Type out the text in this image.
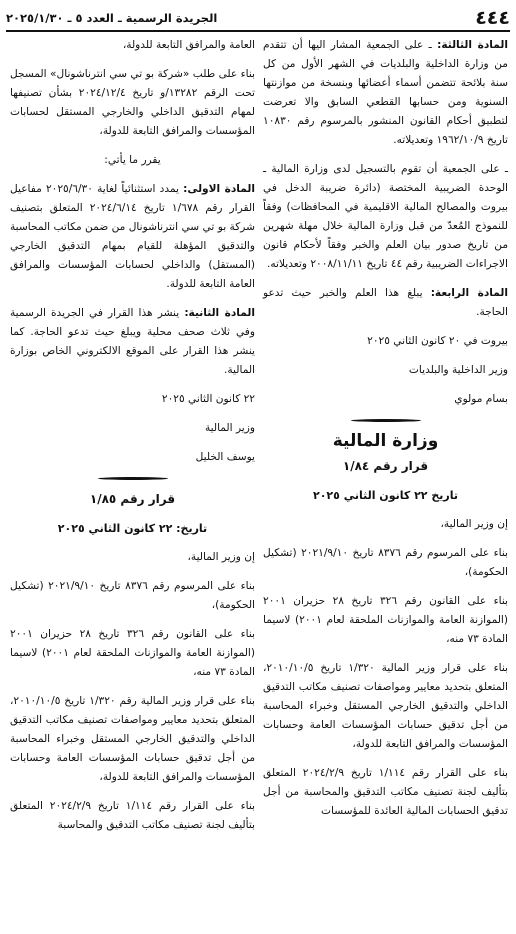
٤٤٤
الجريدة الرسمية ـ العدد ٥ ـ ٢٠٢٥/١/٣٠

المادة الثالثة: ـ على الجمعية المشار اليها أن تتقدم من وزارة الداخلية والبلديات في الشهر الأول من كل سنة بلائحة تتضمن أسماء أعضائها وبنسخة من موازنتها السنوية ومن حسابها القطعي السابق والا تعرضت لتطبيق أحكام القانون المنشور بالمرسوم رقم ١٠٨٣٠ تاريخ ١٩٦٢/١٠/٩ وتعديلاته.

ـ على الجمعية أن تقوم بالتسجيل لدى وزارة المالية ـ الوحدة الضريبية المختصة (دائرة ضريبة الدخل في بيروت والمصالح المالية الاقليمية في المحافظات) وفقاً للنموذج المُعدّ من قبل وزارة المالية خلال مهلة شهرين من تاريخ صدور بيان العلم والخبر وفقاً لأحكام قانون الاجراءات الضريبية رقم ٤٤ تاريخ ٢٠٠٨/١١/١١ وتعديلاته.

المادة الرابعة: يبلغ هذا العلم والخبر حيث تدعو الحاجة.

بيروت في ٢٠ كانون الثاني ٢٠٢٥

وزير الداخلية والبلديات

بسام مولوي

وزارة المالية

قرار رقم ١/٨٤

تاريخ ٢٢ كانون الثاني ٢٠٢٥

إن وزير المالية،

بناء على المرسوم رقم ٨٣٧٦ تاريخ ٢٠٢١/٩/١٠ (تشكيل الحكومة)،

بناء على القانون رقم ٣٢٦ تاريخ ٢٨ حزيران ٢٠٠١ (الموازنة العامة والموازنات الملحقة لعام ٢٠٠١) لاسيما المادة ٧٣ منه،

بناء على قرار وزير المالية ١/٣٢٠ تاريخ ٢٠١٠/١٠/٥، المتعلق بتحديد معايير ومواصفات تصنيف مكاتب التدقيق الداخلي والتدقيق الخارجي المستقل وخبراء المحاسبة من أجل تدقيق حسابات المؤسسات العامة وحسابات المؤسسات والمرافق التابعة للدولة،

بناء على القرار رقم ١/١١٤ تاريخ ٢٠٢٤/٢/٩ المتعلق بتأليف لجنة تصنيف مكاتب التدقيق والمحاسبة من أجل تدقيق الحسابات المالية العائدة للمؤسسات

العامة والمرافق التابعة للدولة،

بناء على طلب «شركة بو تي سي انترناشونال» المسجل تحت الرقم ١٣٢٨٢/و تاريخ ٢٠٢٤/١٢/٤ بشأن تصنيفها لمهام التدقيق الداخلي والخارجي المستقل لحسابات المؤسسات والمرافق التابعة للدولة،

يقرر ما يأتي:

المادة الاولى: يمدد استثنائياً لغاية ٢٠٢٥/٦/٣٠ مفاعيل القرار رقم ١/٦٧٨ تاريخ ٢٠٢٤/٦/١٤ المتعلق بتصنيف شركة بو تي سي انترناشونال من ضمن مكاتب المحاسبة والتدقيق المؤهلة للقيام بمهام التدقيق الخارجي (المستقل) والداخلي لحسابات المؤسسات والمرافق العامة التابعة للدولة.

المادة الثانية: ينشر هذا القرار في الجريدة الرسمية وفي ثلاث صحف محلية ويبلغ حيث تدعو الحاجة. كما ينشر هذا القرار على الموقع الالكتروني الخاص بوزارة المالية.

٢٢ كانون الثاني ٢٠٢٥

وزير المالية

يوسف الخليل

قرار رقم ١/٨٥

تاريخ: ٢٢ كانون الثاني ٢٠٢٥

إن وزير المالية،

بناء على المرسوم رقم ٨٣٧٦ تاريخ ٢٠٢١/٩/١٠ (تشكيل الحكومة)،

بناء على القانون رقم ٣٢٦ تاريخ ٢٨ حزيران ٢٠٠١ (الموازنة العامة والموازنات الملحقة لعام ٢٠٠١) لاسيما المادة ٧٣ منه،

بناء على قرار وزير المالية رقم ١/٣٢٠ تاريخ ٢٠١٠/١٠/٥، المتعلق بتحديد معايير ومواصفات تصنيف مكاتب التدقيق الداخلي والتدقيق الخارجي المستقل وخبراء المحاسبة من أجل تدقيق حسابات المؤسسات العامة وحسابات المؤسسات والمرافق التابعة للدولة،

بناء على القرار رقم ١/١١٤ تاريخ ٢٠٢٤/٢/٩ المتعلق بتأليف لجنة تصنيف مكاتب التدقيق والمحاسبة
